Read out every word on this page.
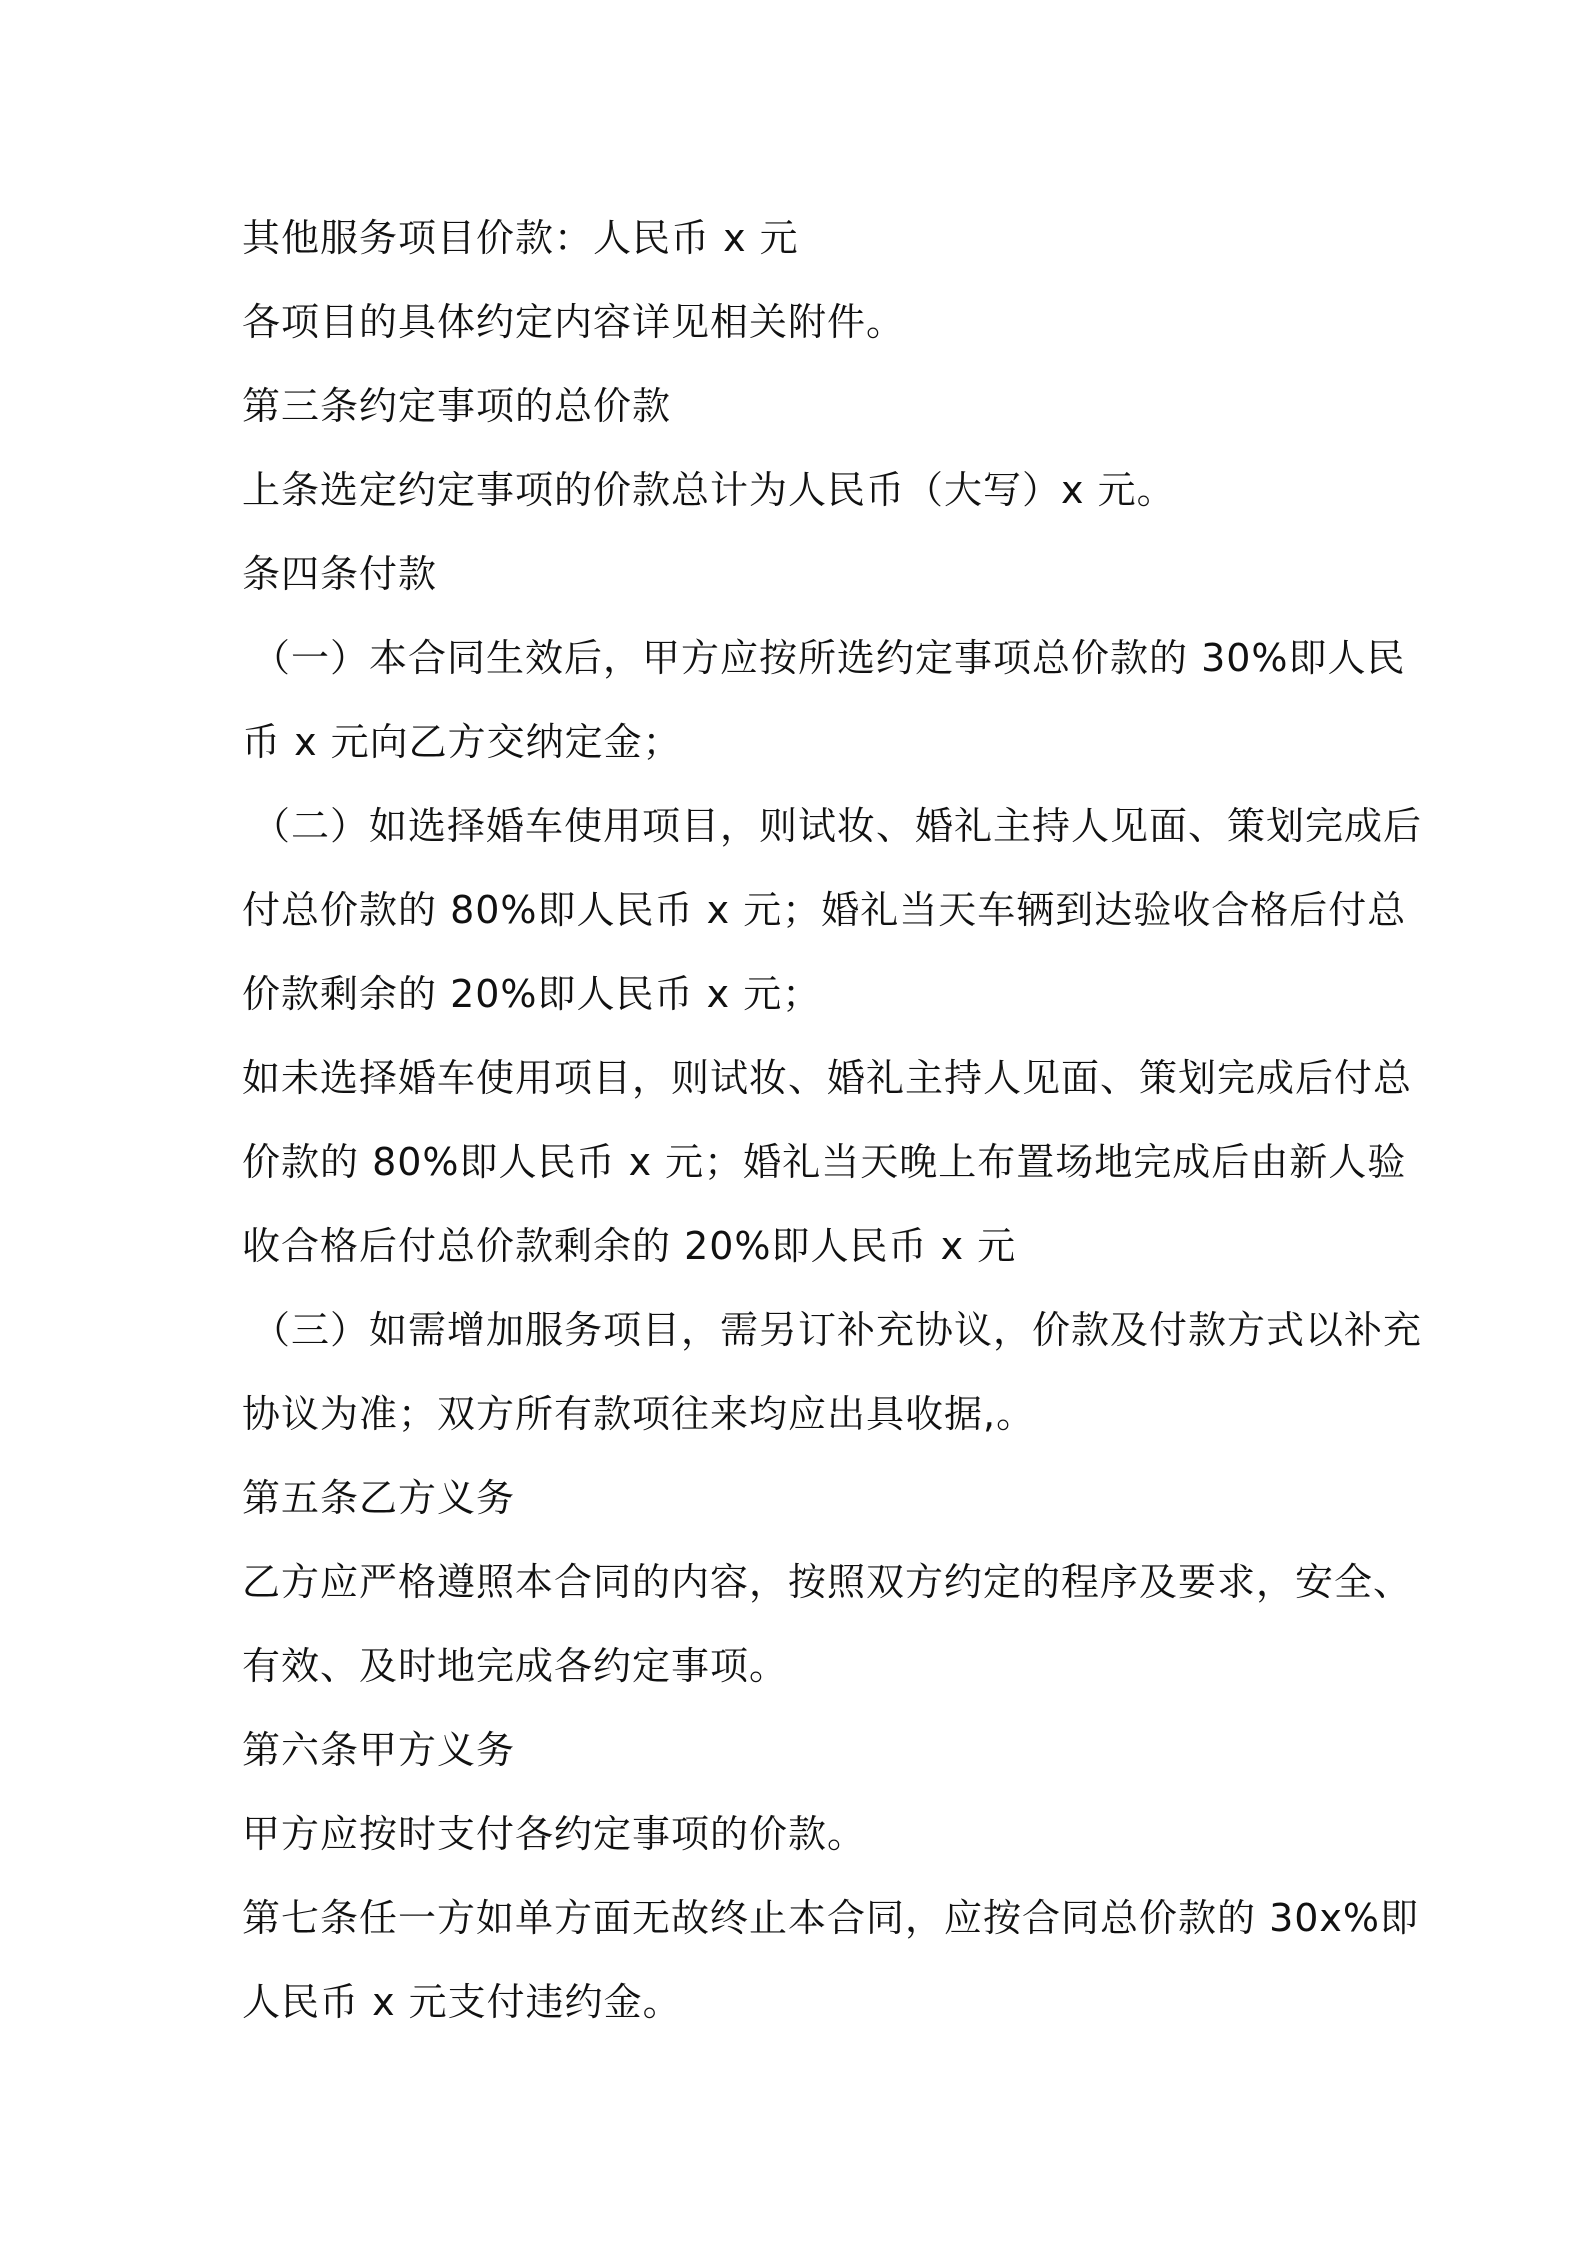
其他服务项目价款：人民币 x 元

各项目的具体约定内容详见相关附件。

第三条约定事项的总价款

上条选定约定事项的价款总计为人民币（大写）x 元。

条四条付款

（一）本合同生效后，甲方应按所选约定事项总价款的 30%即人民

币 x 元向乙方交纳定金；

（二）如选择婚车使用项目，则试妆、婚礼主持人见面、策划完成后

付总价款的 80%即人民币 x 元；婚礼当天车辆到达验收合格后付总

价款剩余的 20%即人民币 x 元；

如未选择婚车使用项目，则试妆、婚礼主持人见面、策划完成后付总

价款的 80%即人民币 x 元；婚礼当天晚上布置场地完成后由新人验

收合格后付总价款剩余的 20%即人民币 x 元

（三）如需增加服务项目，需另订补充协议，价款及付款方式以补充

协议为准；双方所有款项往来均应出具收据,。

第五条乙方义务

乙方应严格遵照本合同的内容，按照双方约定的程序及要求，安全、

有效、及时地完成各约定事项。

第六条甲方义务

甲方应按时支付各约定事项的价款。

第七条任一方如单方面无故终止本合同，应按合同总价款的 30x%即

人民币 x 元支付违约金。
